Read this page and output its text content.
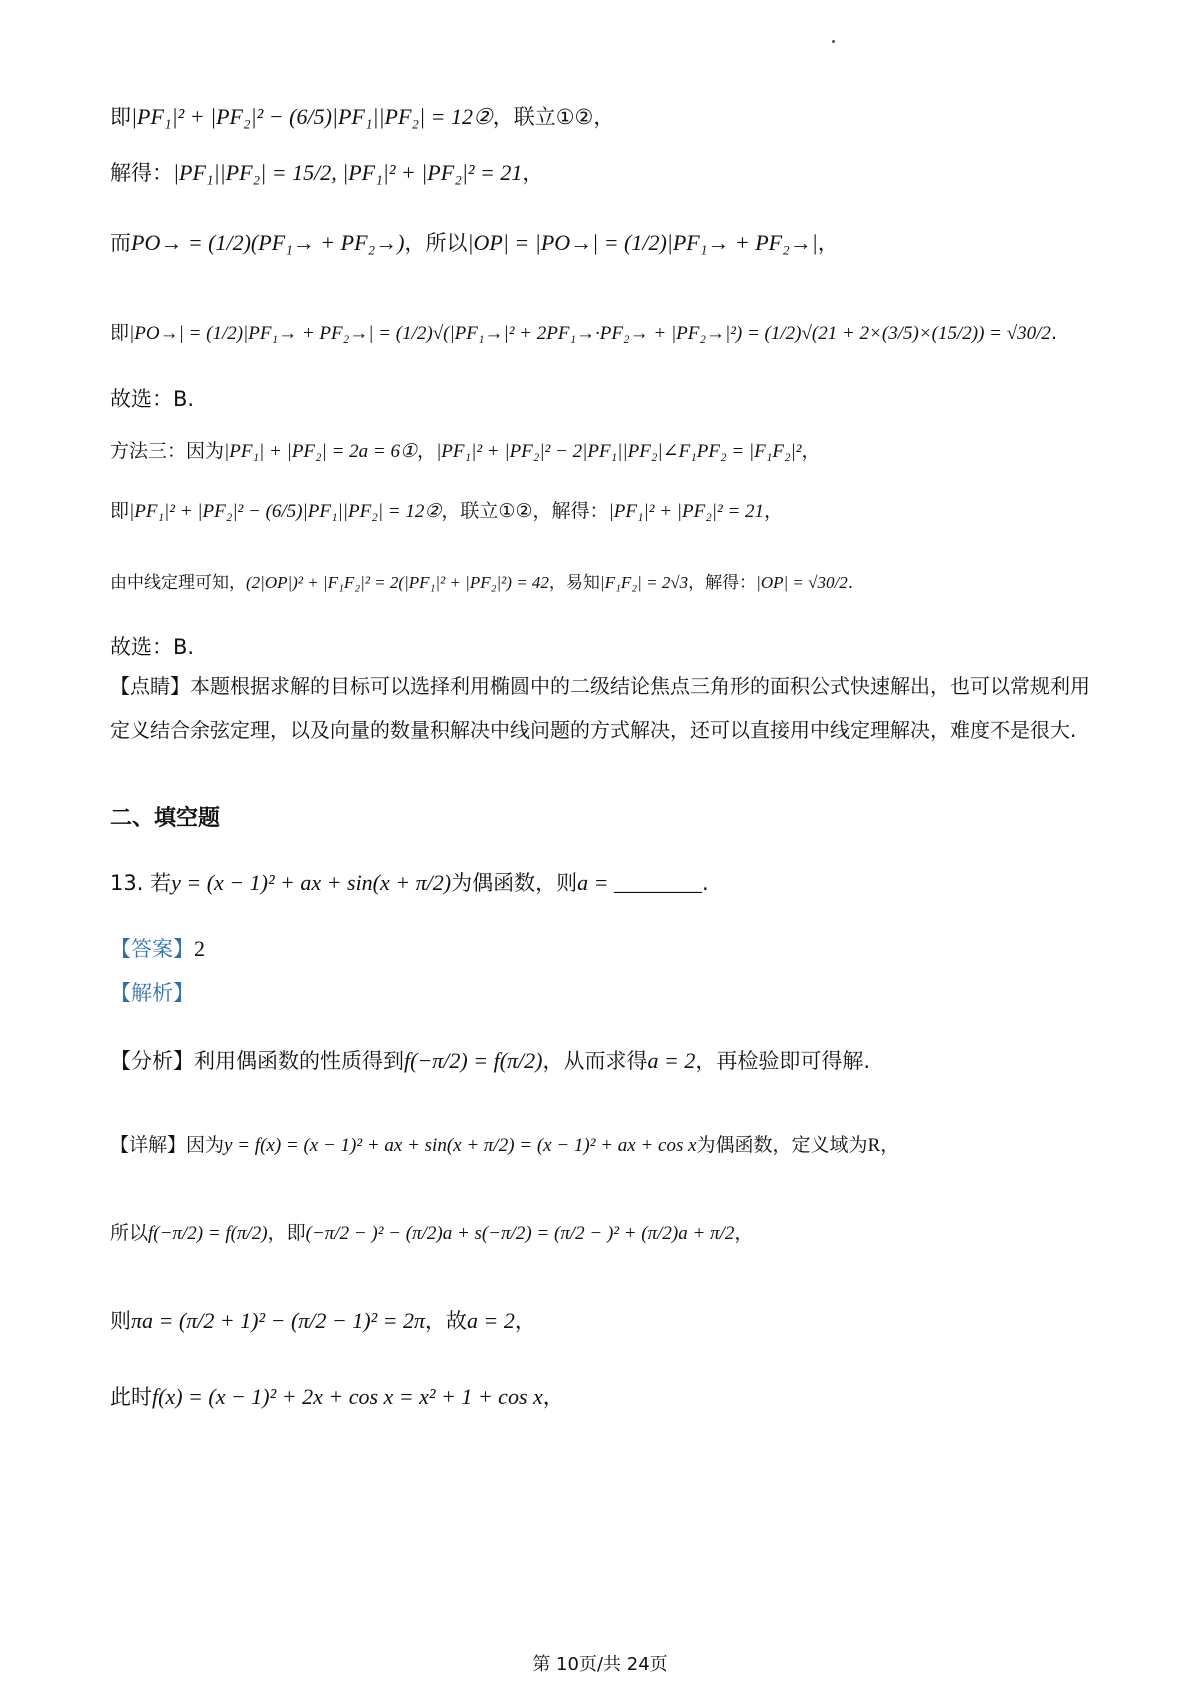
即|PF₁|² + |PF₂|² − (6/5)|PF₁||PF₂| = 12②，联立①②，
解得：|PF₁||PF₂| = 15/2, |PF₁|² + |PF₂|² = 21，
而PO→ = (1/2)(PF₁→ + PF₂→)，所以|OP| = |PO→| = (1/2)|PF₁→ + PF₂→|，
即|PO→| = (1/2)|PF₁→ + PF₂→| = (1/2)√(|PF₁→|² + 2PF₁→·PF₂→ + |PF₂→|²) = (1/2)√(21 + 2×(3/5)×(15/2)) = √30/2.
故选：B.
方法三：因为|PF₁| + |PF₂| = 2a = 6①，|PF₁|² + |PF₂|² − 2|PF₁||PF₂|∠F₁PF₂ = |F₁F₂|²，
即|PF₁|² + |PF₂|² − (6/5)|PF₁||PF₂| = 12②，联立①②，解得：|PF₁|² + |PF₂|² = 21，
由中线定理可知，(2|OP|)² + |F₁F₂|² = 2(|PF₁|² + |PF₂|²) = 42，易知|F₁F₂| = 2√3，解得：|OP| = √30/2.
故选：B.
【点睛】本题根据求解的目标可以选择利用椭圆中的二级结论焦点三角形的面积公式快速解出，也可以常规利用定义结合余弦定理，以及向量的数量积解决中线问题的方式解决，还可以直接用中线定理解决，难度不是很大.
二、填空题
13. 若y = (x − 1)² + ax + sin(x + π/2)为偶函数，则a = ________.
【答案】2
【解析】
【分析】利用偶函数的性质得到f(−π/2) = f(π/2)，从而求得a = 2，再检验即可得解.
【详解】因为y = f(x) = (x − 1)² + ax + sin(x + π/2) = (x − 1)² + ax + cos x为偶函数，定义域为R，
所以f(−π/2) = f(π/2)，即(−π/2 − )² − (π/2)a + s(−π/2) = (π/2 − )² + (π/2)a + π/2，
则πa = (π/2 + 1)² − (π/2 − 1)² = 2π，故a = 2，
此时f(x) = (x − 1)² + 2x + cos x = x² + 1 + cos x，
第 10页/共 24页
